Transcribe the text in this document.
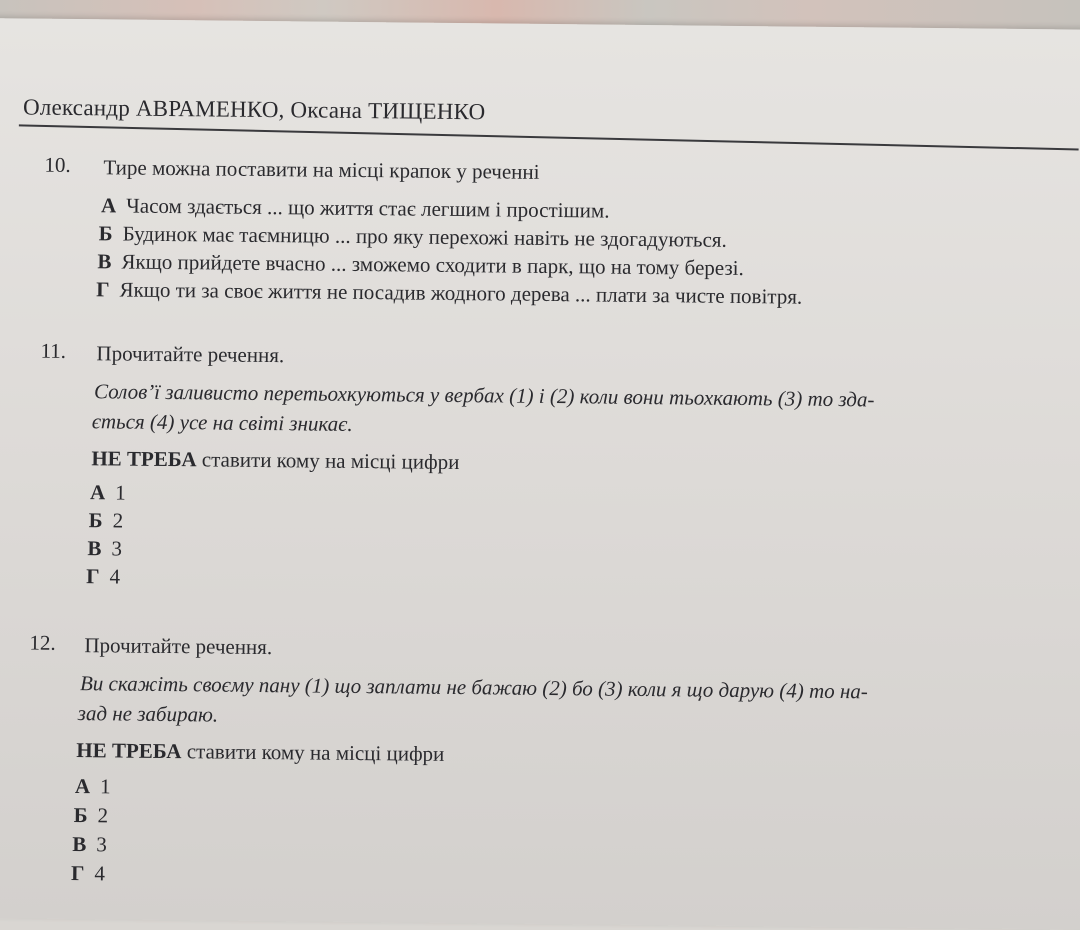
Олександр АВРАМЕНКО, Оксана ТИЩЕНКО
10. Тире можна поставити на місці крапок у реченні
А Часом здається ... що життя стає легшим і простішим.
Б Будинок має таємницю ... про яку перехожі навіть не здогадуються.
В Якщо прийдете вчасно ... зможемо сходити в парк, що на тому березі.
Г Якщо ти за своє життя не посадив жодного дерева ... плати за чисте повітря.
11. Прочитайте речення.
Солов’ї заливисто перетьохкуються у вербах (1) і (2) коли вони тьохкають (3) то зда-
ється (4) усе на світі зникає.
НЕ ТРЕБА ставити кому на місці цифри
А 1
Б 2
В 3
Г 4
12. Прочитайте речення.
Ви скажіть своєму пану (1) що заплати не бажаю (2) бо (3) коли я що дарую (4) то на-
зад не забираю.
НЕ ТРЕБА ставити кому на місці цифри
А 1
Б 2
В 3
Г 4
